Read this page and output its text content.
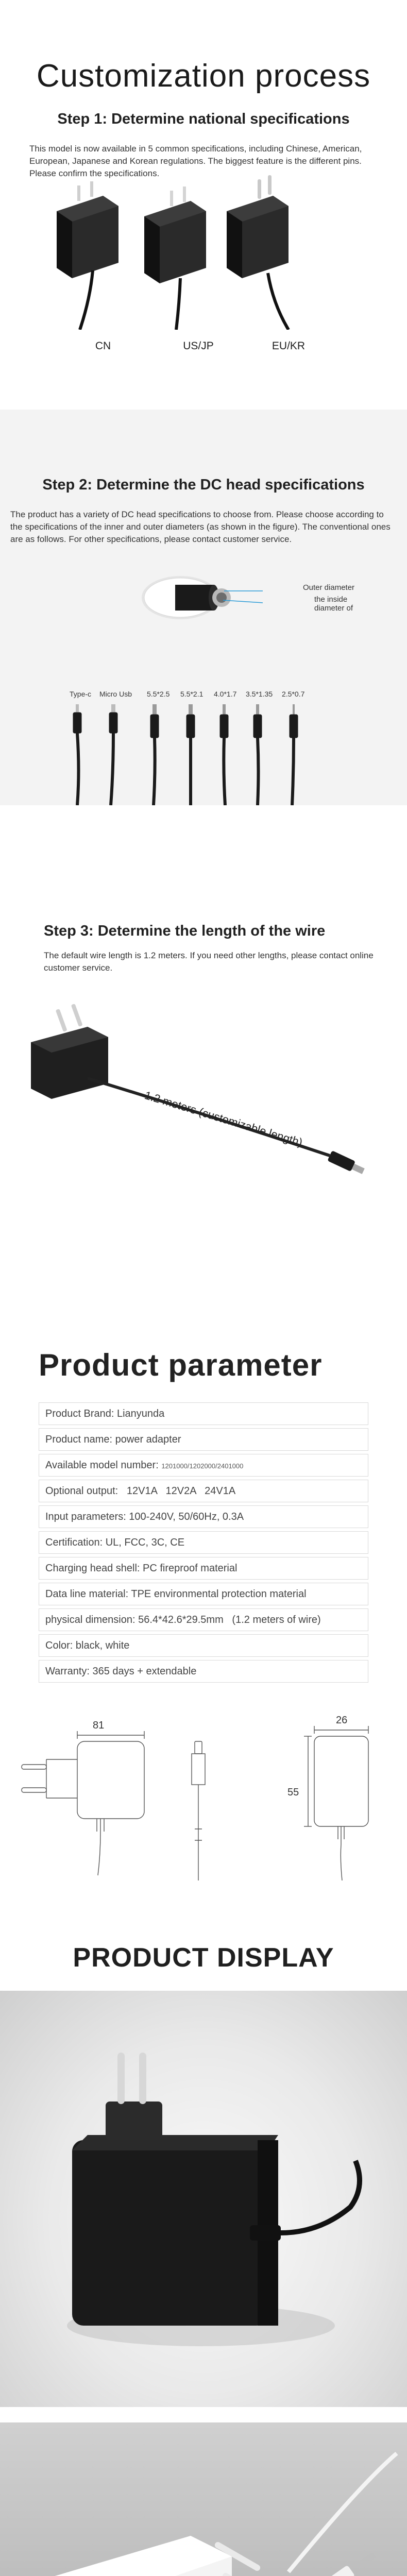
Customization process
Step 1: Determine national specifications

This model is now available in 5 common specifications, including Chinese, American, European, Japanese and Korean regulations. The biggest feature is the different pins. Please confirm the specifications.

CN	US/JP	EU/KR
Step 2: Determine the DC head specifications

The product has a variety of DC head specifications to choose from. Please choose according to the specifications of the inner and outer diameters (as shown in the figure). The conventional ones are as follows. For other specifications, please contact customer service.

Outer diameter
the inside diameter of
Type-c Micro Usb 5.5*2.5 5.5*2.1 4.0*1.7 3.5*1.35 2.5*0.7
Step 3: Determine the length of the wire

The default wire length is 1.2 meters. If you need other lengths, please contact online customer service.

1.2 meters (customizable length)
Product parameter
Product Brand: Lianyunda
Product name: power adapter
Available model number: 1201000/1202000/2401000
Optional output:   12V1A   12V2A   24V1A
Input parameters: 100-240V, 50/60Hz, 0.3A
Certification: UL, FCC, 3C, CE
Charging head shell: PC fireproof material
Data line material: TPE environmental protection material
physical dimension: 56.4*42.6*29.5mm   (1.2 meters of wire)
Color: black, white
Warranty: 365 days + extendable
81
55
26
PRODUCT DISPLAY
